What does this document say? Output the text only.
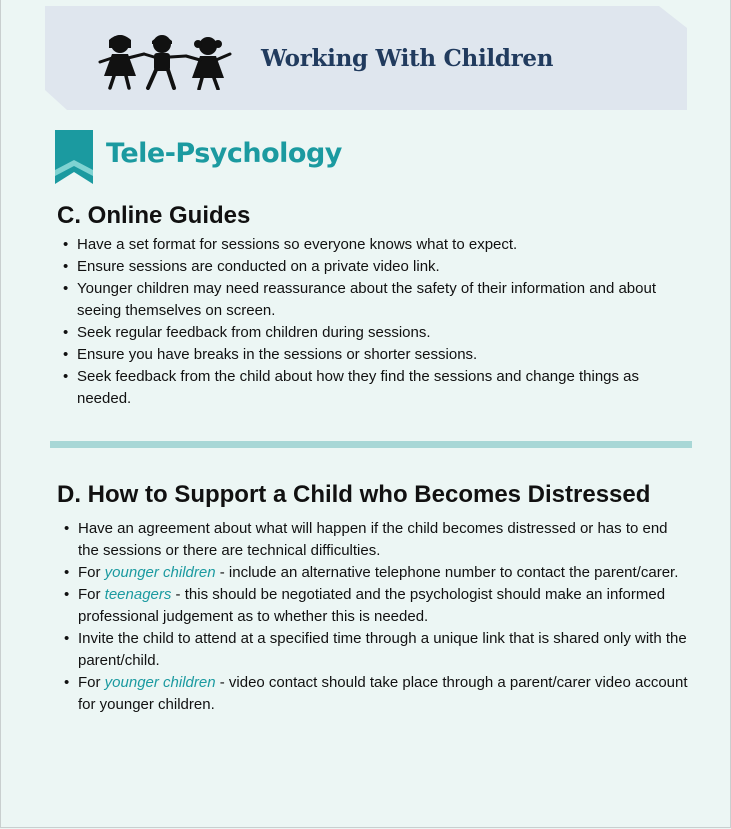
Working With Children
Tele-Psychology
C. Online Guides
• Have a set format for sessions so everyone knows what to expect.
• Ensure sessions are conducted on a private video link.
• Younger children may need reassurance about the safety of their information and about seeing themselves on screen.
• Seek regular feedback from children during sessions.
• Ensure you have breaks in the sessions or shorter sessions.
• Seek feedback from the child about how they find the sessions and change things as needed.
D. How to Support a Child who Becomes Distressed
• Have an agreement about what will happen if the child becomes distressed or has to end the sessions or there are technical difficulties.
• For younger children - include an alternative telephone number to contact the parent/carer.
• For teenagers - this should be negotiated and the psychologist should make an informed professional judgement as to whether this is needed.
• Invite the child to attend at a specified time through a unique link that is shared only with the parent/child.
• For younger children - video contact should take place through a parent/carer video account for younger children.
